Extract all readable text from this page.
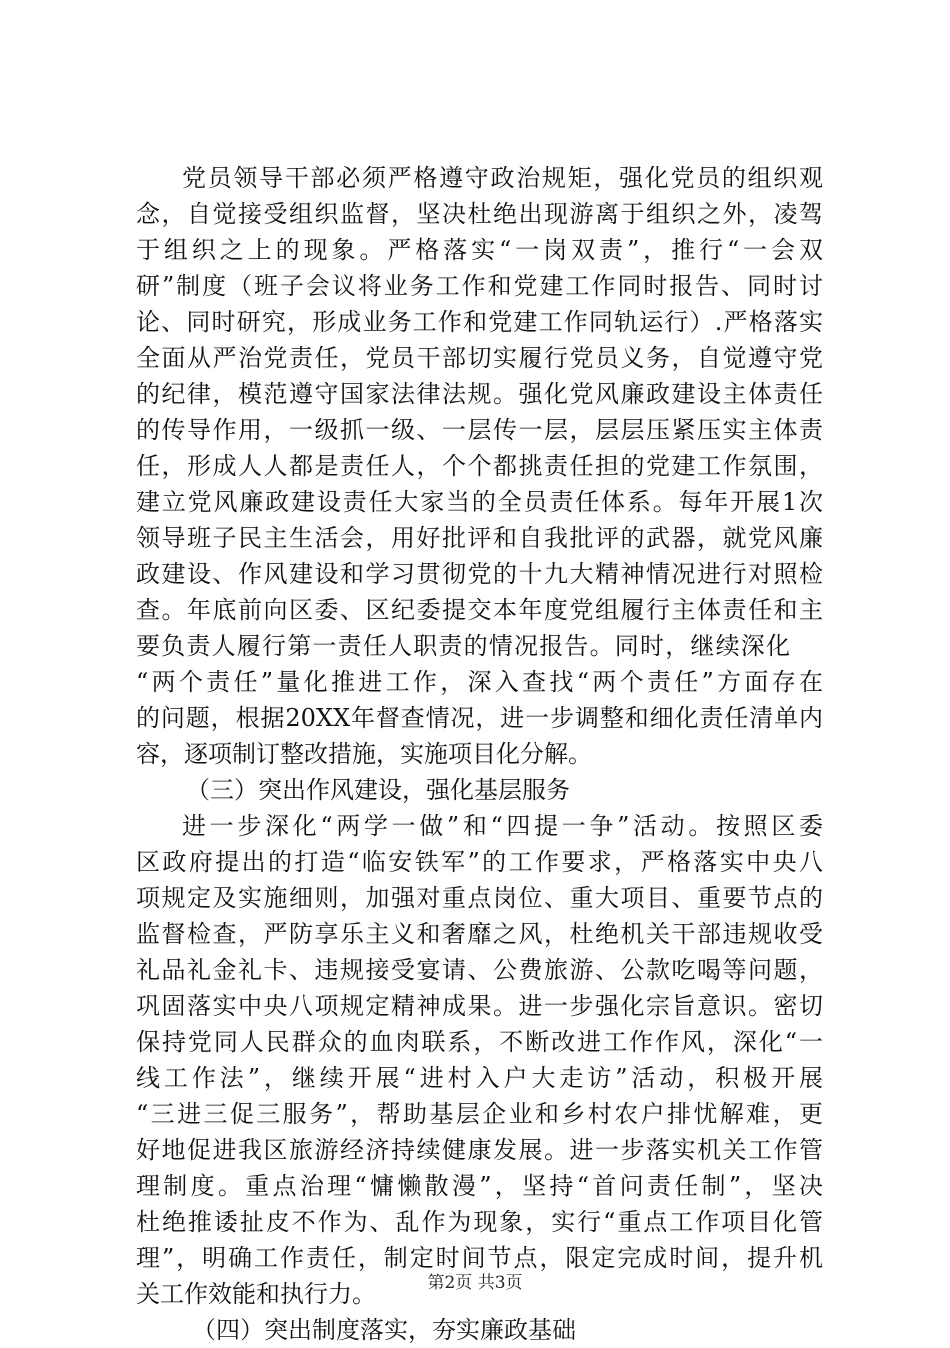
党员领导干部必须严格遵守政治规矩，强化党员的组织观
念，自觉接受组织监督，坚决杜绝出现游离于组织之外，凌驾
于组织之上的现象。严格落实“一岗双责”，推行“一会双
研”制度（班子会议将业务工作和党建工作同时报告、同时讨
论、同时研究，形成业务工作和党建工作同轨运行）.严格落实
全面从严治党责任，党员干部切实履行党员义务，自觉遵守党
的纪律，模范遵守国家法律法规。强化党风廉政建设主体责任
的传导作用，一级抓一级、一层传一层，层层压紧压实主体责
任，形成人人都是责任人，个个都挑责任担的党建工作氛围，
建立党风廉政建设责任大家当的全员责任体系。每年开展1次
领导班子民主生活会，用好批评和自我批评的武器，就党风廉
政建设、作风建设和学习贯彻党的十九大精神情况进行对照检
查。年底前向区委、区纪委提交本年度党组履行主体责任和主
要负责人履行第一责任人职责的情况报告。同时，继续深化
“两个责任”量化推进工作，深入查找“两个责任”方面存在
的问题，根据20XX年督查情况，进一步调整和细化责任清单内
容，逐项制订整改措施，实施项目化分解。
（三）突出作风建设，强化基层服务
进一步深化“两学一做”和“四提一争”活动。按照区委
区政府提出的打造“临安铁军”的工作要求，严格落实中央八
项规定及实施细则，加强对重点岗位、重大项目、重要节点的
监督检查，严防享乐主义和奢靡之风，杜绝机关干部违规收受
礼品礼金礼卡、违规接受宴请、公费旅游、公款吃喝等问题，
巩固落实中央八项规定精神成果。进一步强化宗旨意识。密切
保持党同人民群众的血肉联系，不断改进工作作风，深化“一
线工作法”，继续开展“进村入户大走访”活动，积极开展
“三进三促三服务”，帮助基层企业和乡村农户排忧解难，更
好地促进我区旅游经济持续健康发展。进一步落实机关工作管
理制度。重点治理“慵懒散漫”，坚持“首问责任制”，坚决
杜绝推诿扯皮不作为、乱作为现象，实行“重点工作项目化管
理”，明确工作责任，制定时间节点，限定完成时间，提升机
关工作效能和执行力。
（四）突出制度落实，夯实廉政基础
第2页 共3页
